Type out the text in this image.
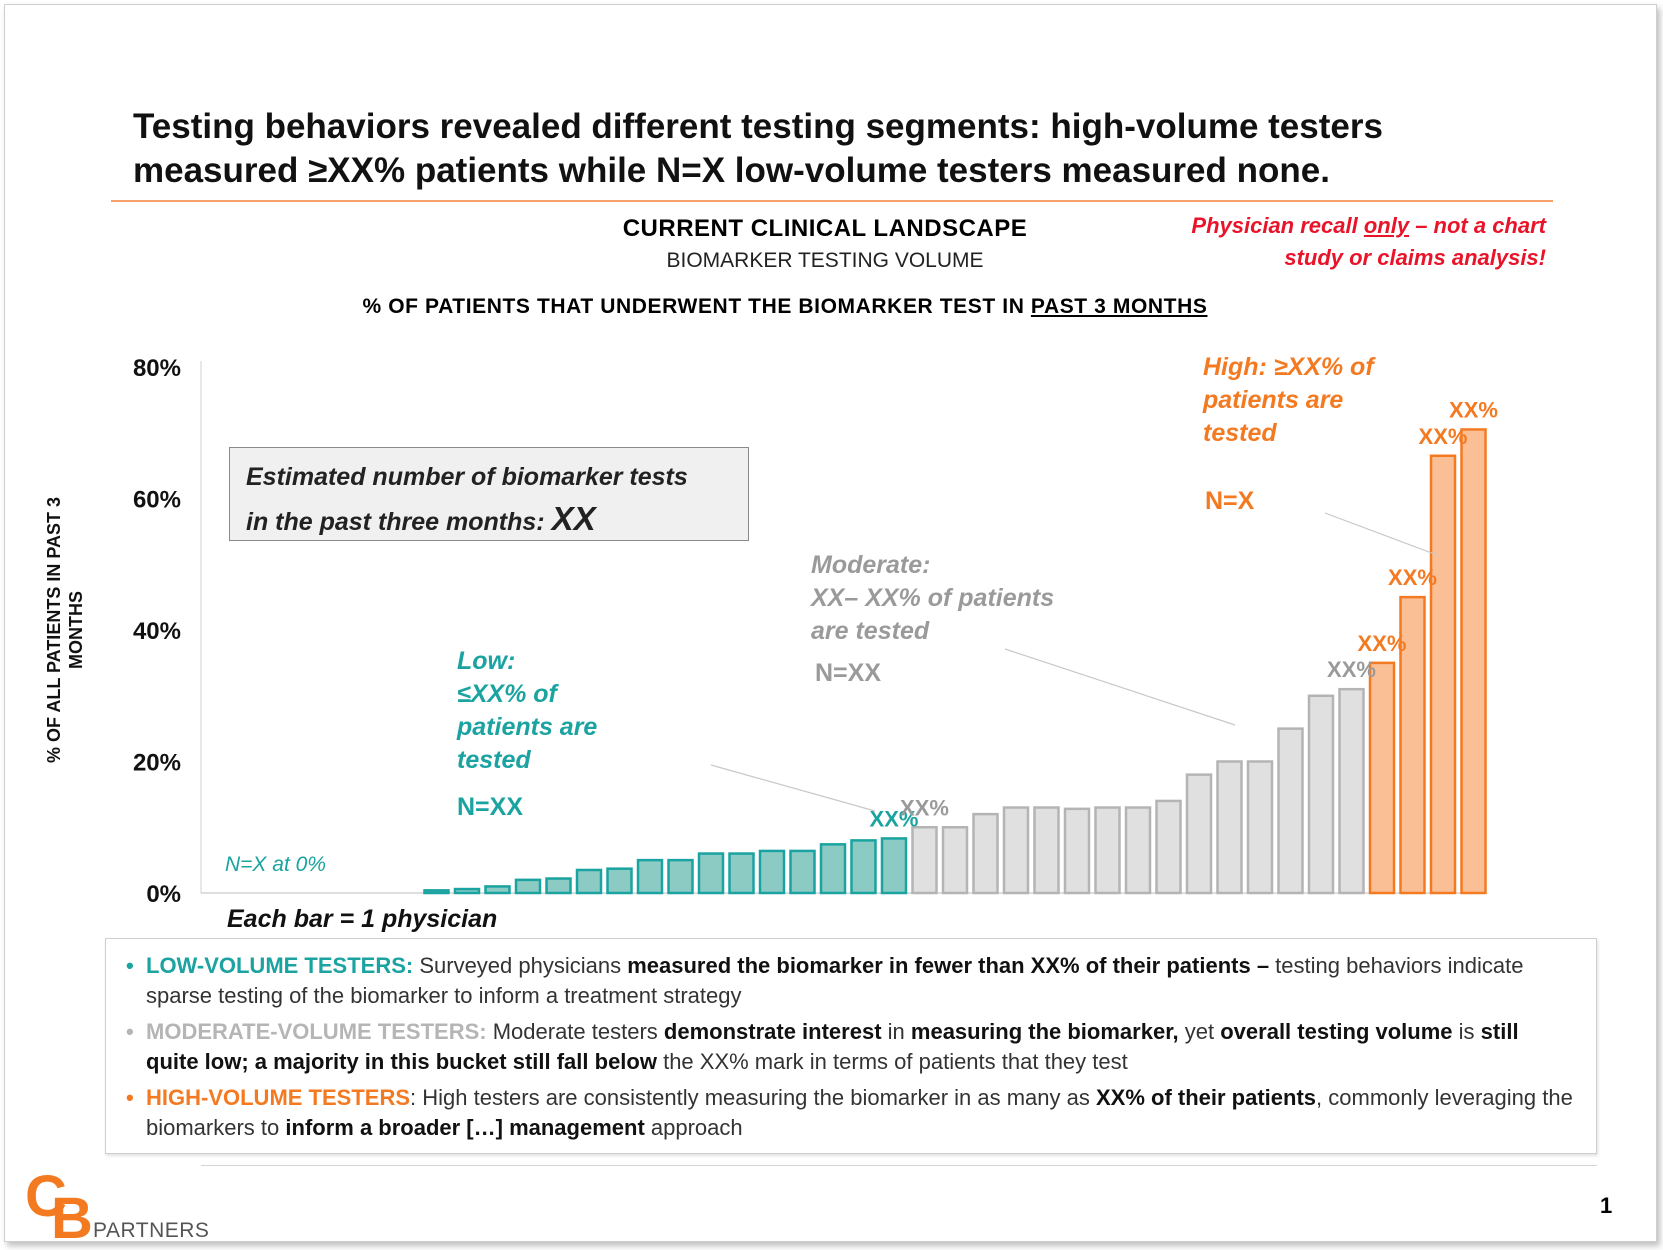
Testing behaviors revealed different testing segments: high-volume testers
measured ≥XX% patients while N=X low-volume testers measured none.
CURRENT CLINICAL LANDSCAPE
BIOMARKER TESTING VOLUME
Physician recall only – not a chart
study or claims analysis!
% OF PATIENTS THAT UNDERWENT THE BIOMARKER TEST IN PAST 3 MONTHS
0%
20%
40%
60%
80%
% OF ALL PATIENTS IN PAST 3 MONTHS
XX%
XX%
XX%
XX%
XX%
XX%
XX%
Estimated number of biomarker tests
in the past three months: XX
Low:
≤XX% of
patients are
tested
N=XX
Moderate:
XX– XX% of patients
are tested
N=XX
High: ≥XX% of
patients are
tested
N=X
N=X at 0%
Each bar = 1 physician
• LOW-VOLUME TESTERS: Surveyed physicians measured the biomarker in fewer than XX% of their patients – testing behaviors indicate sparse testing of the biomarker to inform a treatment strategy
• MODERATE-VOLUME TESTERS: Moderate testers demonstrate interest in measuring the biomarker, yet overall testing volume is still quite low; a majority in this bucket still fall below the XX% mark in terms of patients that they test
• HIGH-VOLUME TESTERS: High testers are consistently measuring the biomarker in as many as XX% of their patients, commonly leveraging the biomarkers to inform a broader […] management approach
C
B PARTNERS
1
